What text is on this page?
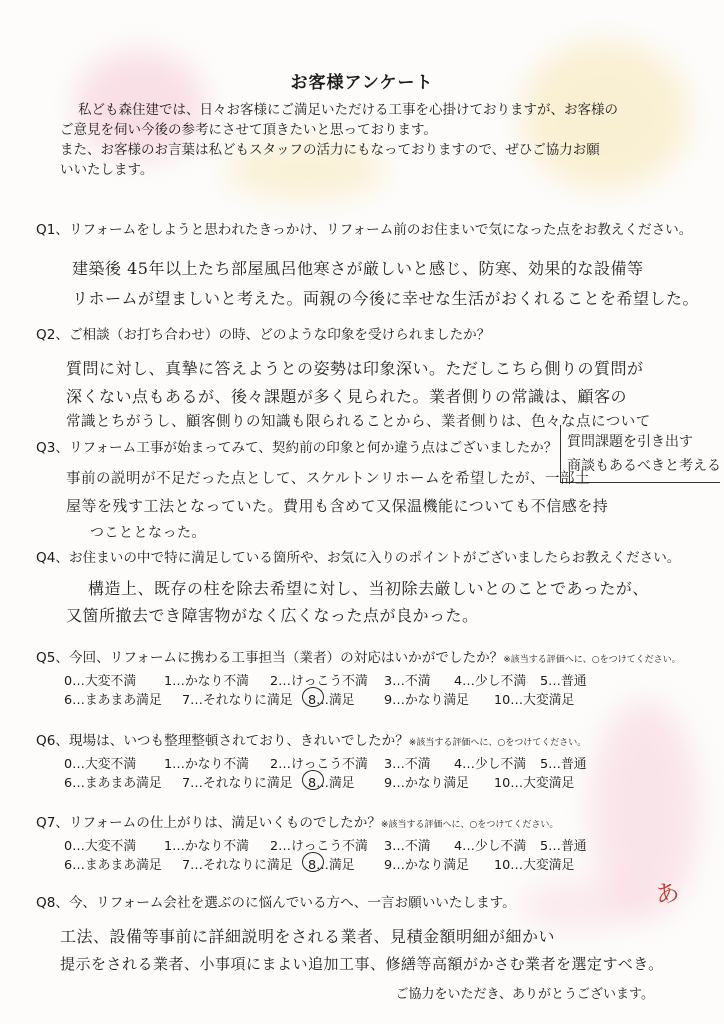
お客様アンケート

私ども森住建では、日々お客様にご満足いただける工事を心掛けておりますが、お客様の

ご意見を伺い今後の参考にさせて頂きたいと思っております。

また、お客様のお言葉は私どもスタッフの活力にもなっておりますので、ぜひご協力お願

いいたします。

Q1、リフォームをしようと思われたきっかけ、リフォーム前のお住まいで気になった点をお教えください。
建築後 45年以上たち部屋風呂他寒さが厳しいと感じ、防寒、効果的な設備等
リホームが望ましいと考えた。両親の今後に幸せな生活がおくれることを希望した。
Q2、ご相談（お打ち合わせ）の時、どのような印象を受けられましたか？
質問に対し、真摯に答えようとの姿勢は印象深い。ただしこちら側りの質問が
深くない点もあるが、後々課題が多く見られた。業者側りの常識は、顧客の
常識とちがうし、顧客側りの知識も限られることから、業者側りは、色々な点について
Q3、リフォーム工事が始まってみて、契約前の印象と何か違う点はございましたか？ 質問課題を引き出す
商談もあるべきと考える
事前の説明が不足だった点として、スケルトンリホームを希望したが、一部土
屋等を残す工法となっていた。費用も含めて又保温機能についても不信感を持
つこととなった。
Q4、お住まいの中で特に満足している箇所や、お気に入りのポイントがございましたらお教えください。
構造上、既存の柱を除去希望に対し、当初除去厳しいとのことであったが、
又箇所撤去でき障害物がなく広くなった点が良かった。
Q5、今回、リフォームに携わる工事担当（業者）の対応はいかがでしたか？※該当する評価へに、○をつけてください。
0…大変不満 1…かなり不満 2…けっこう不満 3…不満 4…少し不満 5…普通
6…まあまあ満足 7…それなりに満足 8…満足 9…かなり満足 10…大変満足
Q6、現場は、いつも整理整頓されており、きれいでしたか？※該当する評価へに、○をつけてください。
0…大変不満 1…かなり不満 2…けっこう不満 3…不満 4…少し不満 5…普通
6…まあまあ満足 7…それなりに満足 8…満足 9…かなり満足 10…大変満足
Q7、リフォームの仕上がりは、満足いくものでしたか？※該当する評価へに、○をつけてください。
0…大変不満 1…かなり不満 2…けっこう不満 3…不満 4…少し不満 5…普通
6…まあまあ満足 7…それなりに満足 8…満足 9…かなり満足 10…大変満足
Q8、今、リフォーム会社を選ぶのに悩んでいる方へ、一言お願いいたします。	あ
工法、設備等事前に詳細説明をされる業者、見積金額明細が細かい
提示をされる業者、小事項にまよい追加工事、修繕等高額がかさむ業者を選定すべき。
ご協力をいただき、ありがとうございます。
